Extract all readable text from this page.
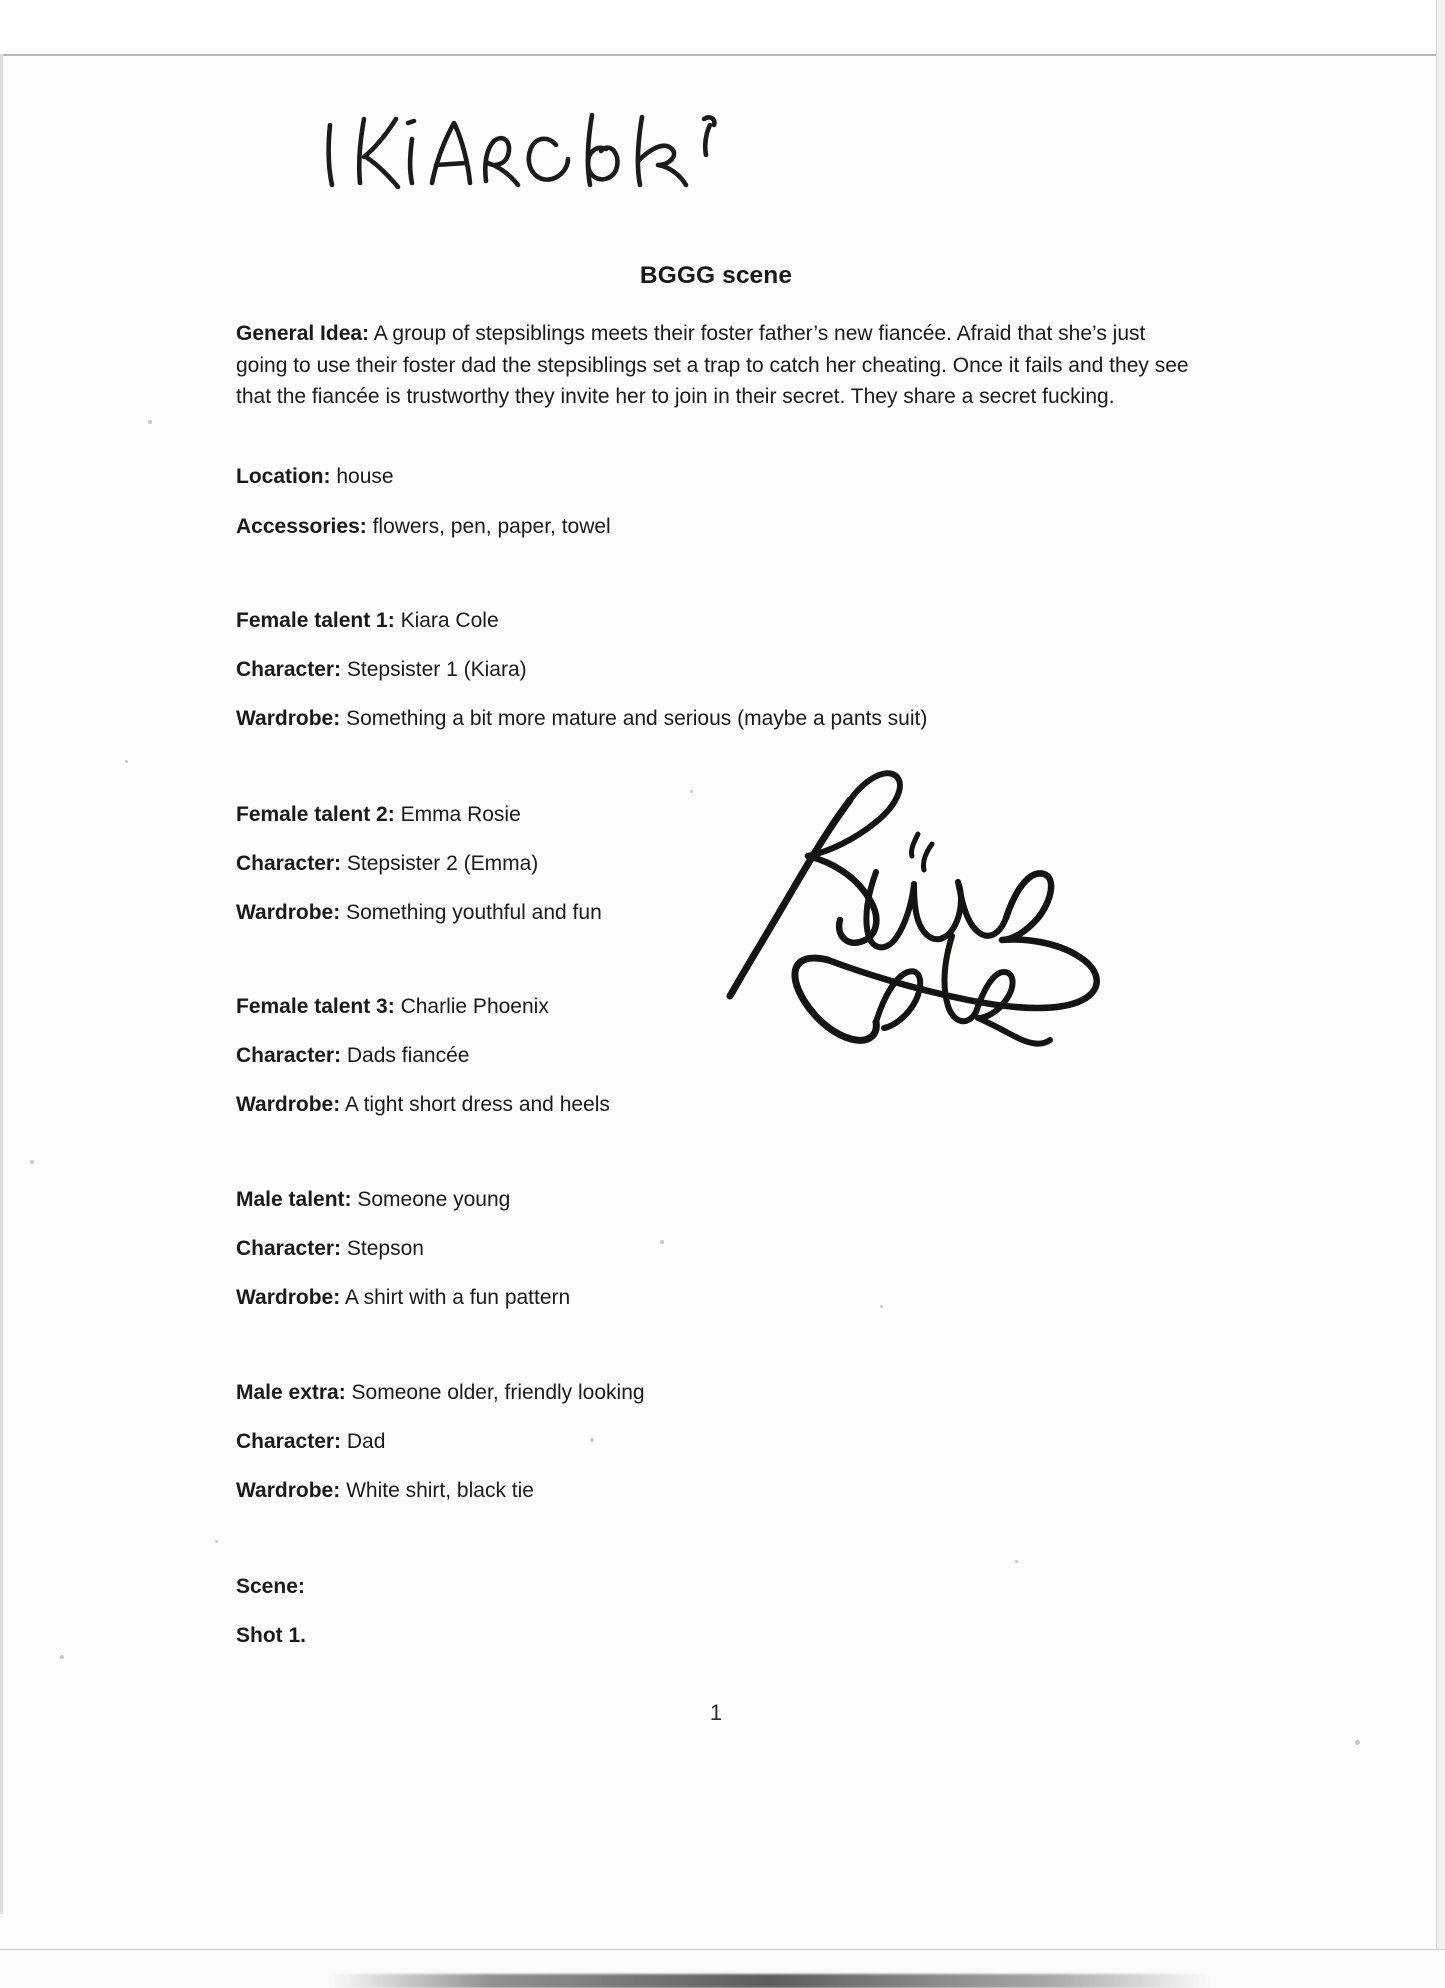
BGGG scene
General Idea: A group of stepsiblings meets their foster father’s new fiancée. Afraid that she’s just going to use their foster dad the stepsiblings set a trap to catch her cheating. Once it fails and they see that the fiancée is trustworthy they invite her to join in their secret. They share a secret fucking.
Location: house
Accessories: flowers, pen, paper, towel
Female talent 1: Kiara Cole
Character: Stepsister 1 (Kiara)
Wardrobe: Something a bit more mature and serious (maybe a pants suit)
Female talent 2: Emma Rosie
Character: Stepsister 2 (Emma)
Wardrobe: Something youthful and fun
Female talent 3: Charlie Phoenix
Character: Dads fiancée
Wardrobe: A tight short dress and heels
Male talent: Someone young
Character: Stepson
Wardrobe: A shirt with a fun pattern
Male extra: Someone older, friendly looking
Character: Dad
Wardrobe: White shirt, black tie
Scene:
Shot 1.
1
